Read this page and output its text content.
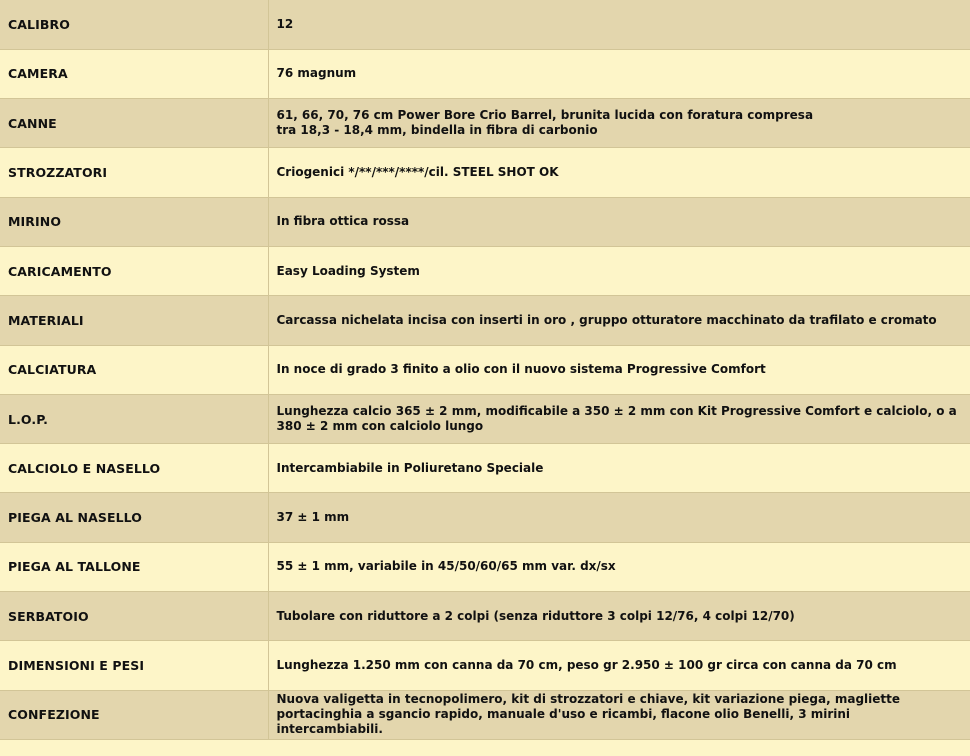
CALIBRO	12
CAMERA	76 magnum
CANNE	61, 66, 70, 76 cm Power Bore Crio Barrel, brunita lucida con foratura compresa
tra 18,3 - 18,4 mm, bindella in fibra di carbonio
STROZZATORI	Criogenici */**/***/****/cil. STEEL SHOT OK
MIRINO	In fibra ottica rossa
CARICAMENTO	Easy Loading System
MATERIALI	Carcassa nichelata incisa con inserti in oro , gruppo otturatore macchinato da trafilato e cromato
CALCIATURA	In noce di grado 3 finito a olio con il nuovo sistema Progressive Comfort
L.O.P.	Lunghezza calcio 365 ± 2 mm, modificabile a 350 ± 2 mm con Kit Progressive Comfort e calciolo, o a 380 ± 2 mm con calciolo lungo
CALCIOLO E NASELLO	Intercambiabile in Poliuretano Speciale
PIEGA AL NASELLO	37 ± 1 mm
PIEGA AL TALLONE	55 ± 1 mm, variabile in 45/50/60/65 mm var. dx/sx
SERBATOIO	Tubolare con riduttore a 2 colpi (senza riduttore 3 colpi 12/76, 4 colpi 12/70)
DIMENSIONI E PESI	Lunghezza 1.250 mm con canna da 70 cm, peso gr 2.950 ± 100 gr circa con canna da 70 cm
CONFEZIONE	Nuova valigetta in tecnopolimero, kit di strozzatori e chiave, kit variazione piega, magliette portacinghia a sgancio rapido, manuale d'uso e ricambi, flacone olio Benelli, 3 mirini intercambiabili.
